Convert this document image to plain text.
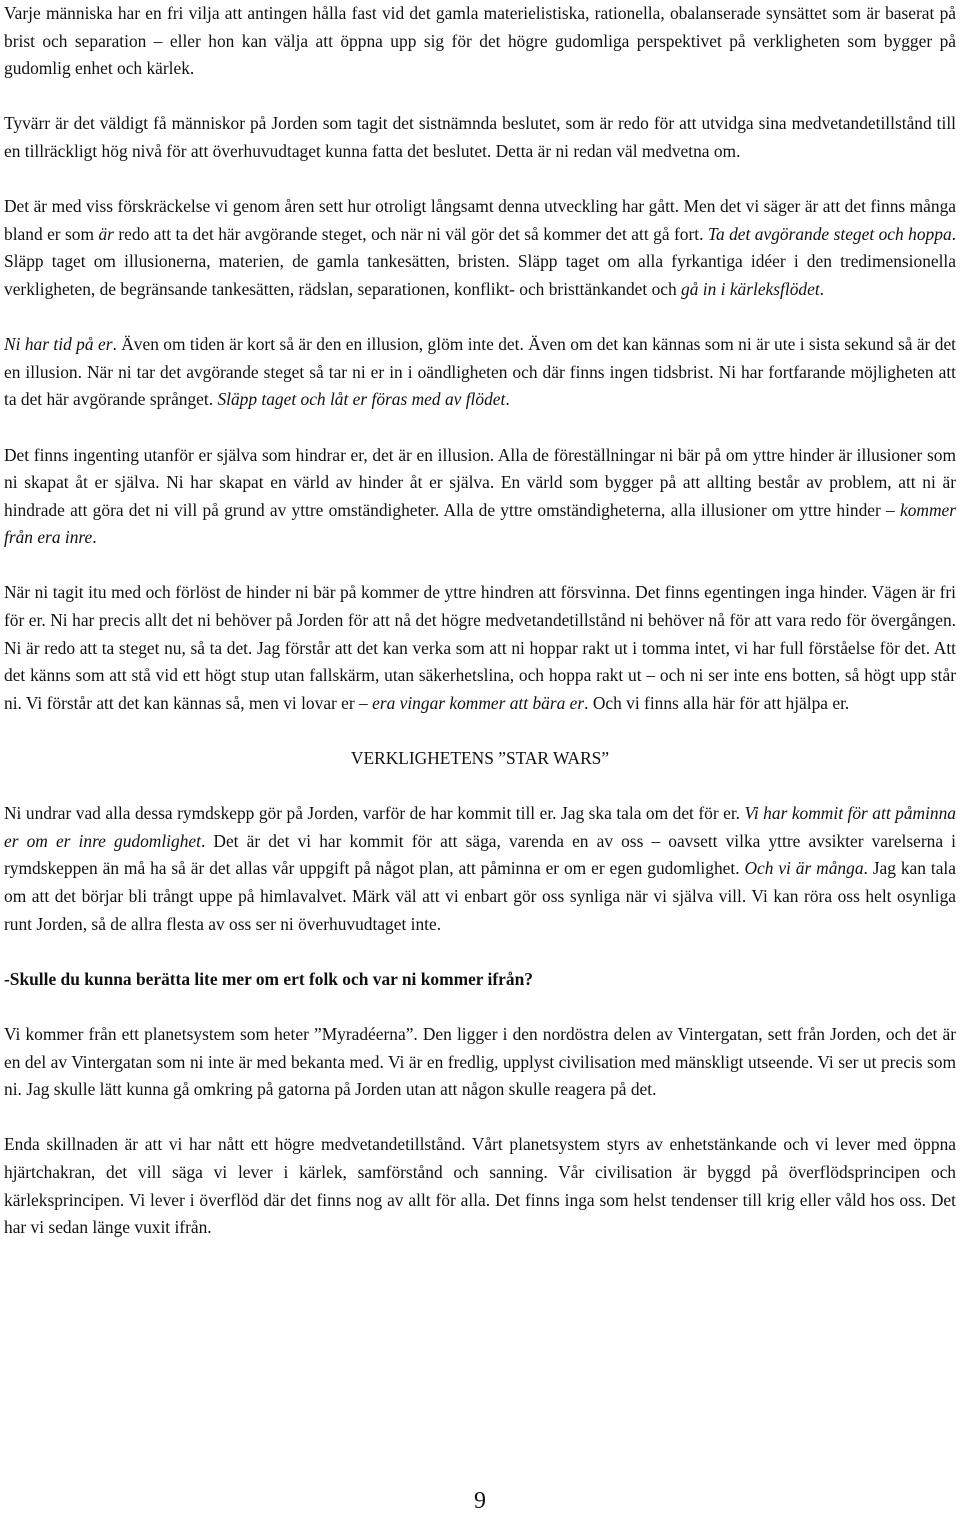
Varje människa har en fri vilja att antingen hålla fast vid det gamla materielistiska, rationella, obalanserade synsättet som är baserat på brist och separation – eller hon kan välja att öppna upp sig för det högre gudomliga perspektivet på verkligheten som bygger på gudomlig enhet och kärlek.

Tyvärr är det väldigt få människor på Jorden som tagit det sistnämnda beslutet, som är redo för att utvidga sina medvetandetillstånd till en tillräckligt hög nivå för att överhuvudtaget kunna fatta det beslutet. Detta är ni redan väl medvetna om.

Det är med viss förskräckelse vi genom åren sett hur otroligt långsamt denna utveckling har gått. Men det vi säger är att det finns många bland er som är redo att ta det här avgörande steget, och när ni väl gör det så kommer det att gå fort. Ta det avgörande steget och hoppa. Släpp taget om illusionerna, materien, de gamla tankesätten, bristen. Släpp taget om alla fyrkantiga idéer i den tredimensionella verkligheten, de begränsande tankesätten, rädslan, separationen, konflikt- och bristtänkandet och gå in i kärleksflödet.

Ni har tid på er. Även om tiden är kort så är den en illusion, glöm inte det. Även om det kan kännas som ni är ute i sista sekund så är det en illusion. När ni tar det avgörande steget så tar ni er in i oändligheten och där finns ingen tidsbrist. Ni har fortfarande möjligheten att ta det här avgörande språnget. Släpp taget och låt er föras med av flödet.

Det finns ingenting utanför er själva som hindrar er, det är en illusion. Alla de föreställningar ni bär på om yttre hinder är illusioner som ni skapat åt er själva. Ni har skapat en värld av hinder åt er själva. En värld som bygger på att allting består av problem, att ni är hindrade att göra det ni vill på grund av yttre omständigheter. Alla de yttre omständigheterna, alla illusioner om yttre hinder – kommer från era inre.

När ni tagit itu med och förlöst de hinder ni bär på kommer de yttre hindren att försvinna. Det finns egentingen inga hinder. Vägen är fri för er. Ni har precis allt det ni behöver på Jorden för att nå det högre medvetandetillstånd ni behöver nå för att vara redo för övergången. Ni är redo att ta steget nu, så ta det. Jag förstår att det kan verka som att ni hoppar rakt ut i tomma intet, vi har full förståelse för det. Att det känns som att stå vid ett högt stup utan fallskärm, utan säkerhetslina, och hoppa rakt ut – och ni ser inte ens botten, så högt upp står ni. Vi förstår att det kan kännas så, men vi lovar er – era vingar kommer att bära er. Och vi finns alla här för att hjälpa er.

VERKLIGHETENS ”STAR WARS”

Ni undrar vad alla dessa rymdskepp gör på Jorden, varför de har kommit till er. Jag ska tala om det för er. Vi har kommit för att påminna er om er inre gudomlighet. Det är det vi har kommit för att säga, varenda en av oss – oavsett vilka yttre avsikter varelserna i rymdskeppen än må ha så är det allas vår uppgift på något plan, att påminna er om er egen gudomlighet. Och vi är många. Jag kan tala om att det börjar bli trångt uppe på himlavalvet. Märk väl att vi enbart gör oss synliga när vi själva vill. Vi kan röra oss helt osynliga runt Jorden, så de allra flesta av oss ser ni överhuvudtaget inte.

-Skulle du kunna berätta lite mer om ert folk och var ni kommer ifrån?

Vi kommer från ett planetsystem som heter ”Myradéerna”. Den ligger i den nordöstra delen av Vintergatan, sett från Jorden, och det är en del av Vintergatan som ni inte är med bekanta med. Vi är en fredlig, upplyst civilisation med mänskligt utseende. Vi ser ut precis som ni. Jag skulle lätt kunna gå omkring på gatorna på Jorden utan att någon skulle reagera på det.

Enda skillnaden är att vi har nått ett högre medvetandetillstånd. Vårt planetsystem styrs av enhetstänkande och vi lever med öppna hjärtchakran, det vill säga vi lever i kärlek, samförstånd och sanning. Vår civilisation är byggd på överflödsprincipen och kärleksprincipen. Vi lever i överflöd där det finns nog av allt för alla. Det finns inga som helst tendenser till krig eller våld hos oss. Det har vi sedan länge vuxit ifrån.

9
